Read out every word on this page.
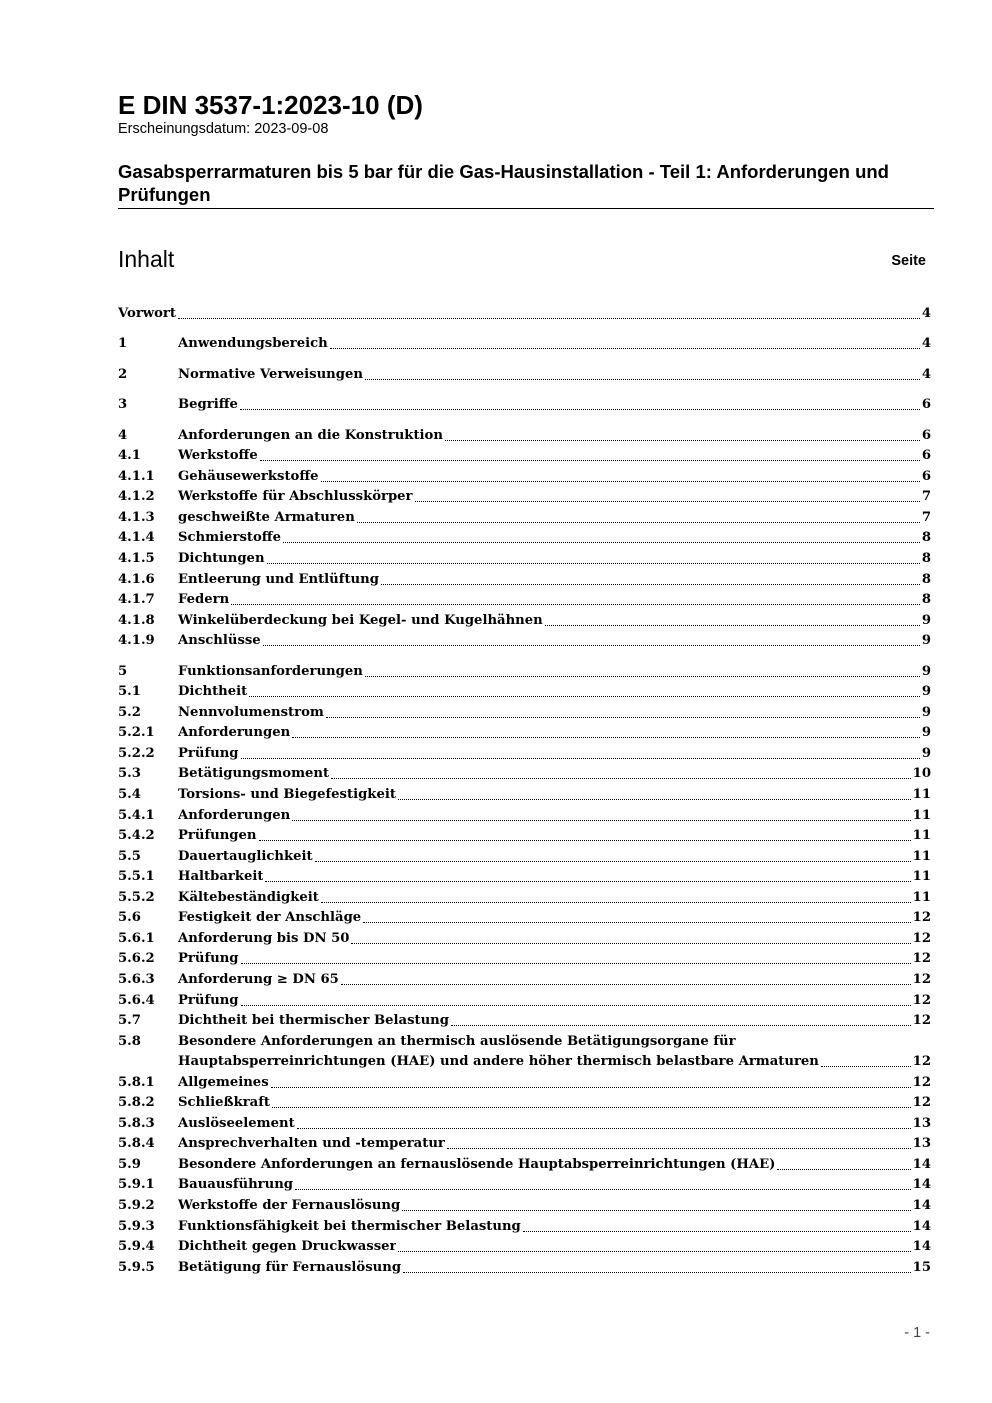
E DIN 3537-1:2023-10 (D)

Erscheinungsdatum: 2023-09-08

Gasabsperrarmaturen bis 5 bar für die Gas-Hausinstallation - Teil 1: Anforderungen und Prüfungen

Inhalt	Seite
Vorwort	4
1	Anwendungsbereich	4
2	Normative Verweisungen	4
3	Begriffe	6
4	Anforderungen an die Konstruktion	6
4.1	Werkstoffe	6
4.1.1	Gehäusewerkstoffe	6
4.1.2	Werkstoffe für Abschlusskörper	7
4.1.3	geschweißte Armaturen	7
4.1.4	Schmierstoffe	8
4.1.5	Dichtungen	8
4.1.6	Entleerung und Entlüftung	8
4.1.7	Federn	8
4.1.8	Winkelüberdeckung bei Kegel- und Kugelhähnen	9
4.1.9	Anschlüsse	9
5	Funktionsanforderungen	9
5.1	Dichtheit	9
5.2	Nennvolumenstrom	9
5.2.1	Anforderungen	9
5.2.2	Prüfung	9
5.3	Betätigungsmoment	10
5.4	Torsions- und Biegefestigkeit	11
5.4.1	Anforderungen	11
5.4.2	Prüfungen	11
5.5	Dauertauglichkeit	11
5.5.1	Haltbarkeit	11
5.5.2	Kältebeständigkeit	11
5.6	Festigkeit der Anschläge	12
5.6.1	Anforderung bis DN 50	12
5.6.2	Prüfung	12
5.6.3	Anforderung ≥ DN 65	12
5.6.4	Prüfung	12
5.7	Dichtheit bei thermischer Belastung	12
5.8	Besondere Anforderungen an thermisch auslösende Betätigungsorgane für
Hauptabsperreinrichtungen (HAE) und andere höher thermisch belastbare Armaturen	12
5.8.1	Allgemeines	12
5.8.2	Schließkraft	12
5.8.3	Auslöseelement	13
5.8.4	Ansprechverhalten und -temperatur	13
5.9	Besondere Anforderungen an fernauslösende Hauptabsperreinrichtungen (HAE)	14
5.9.1	Bauausführung	14
5.9.2	Werkstoffe der Fernauslösung	14
5.9.3	Funktionsfähigkeit bei thermischer Belastung	14
5.9.4	Dichtheit gegen Druckwasser	14
5.9.5	Betätigung für Fernauslösung	15
- 1 -
